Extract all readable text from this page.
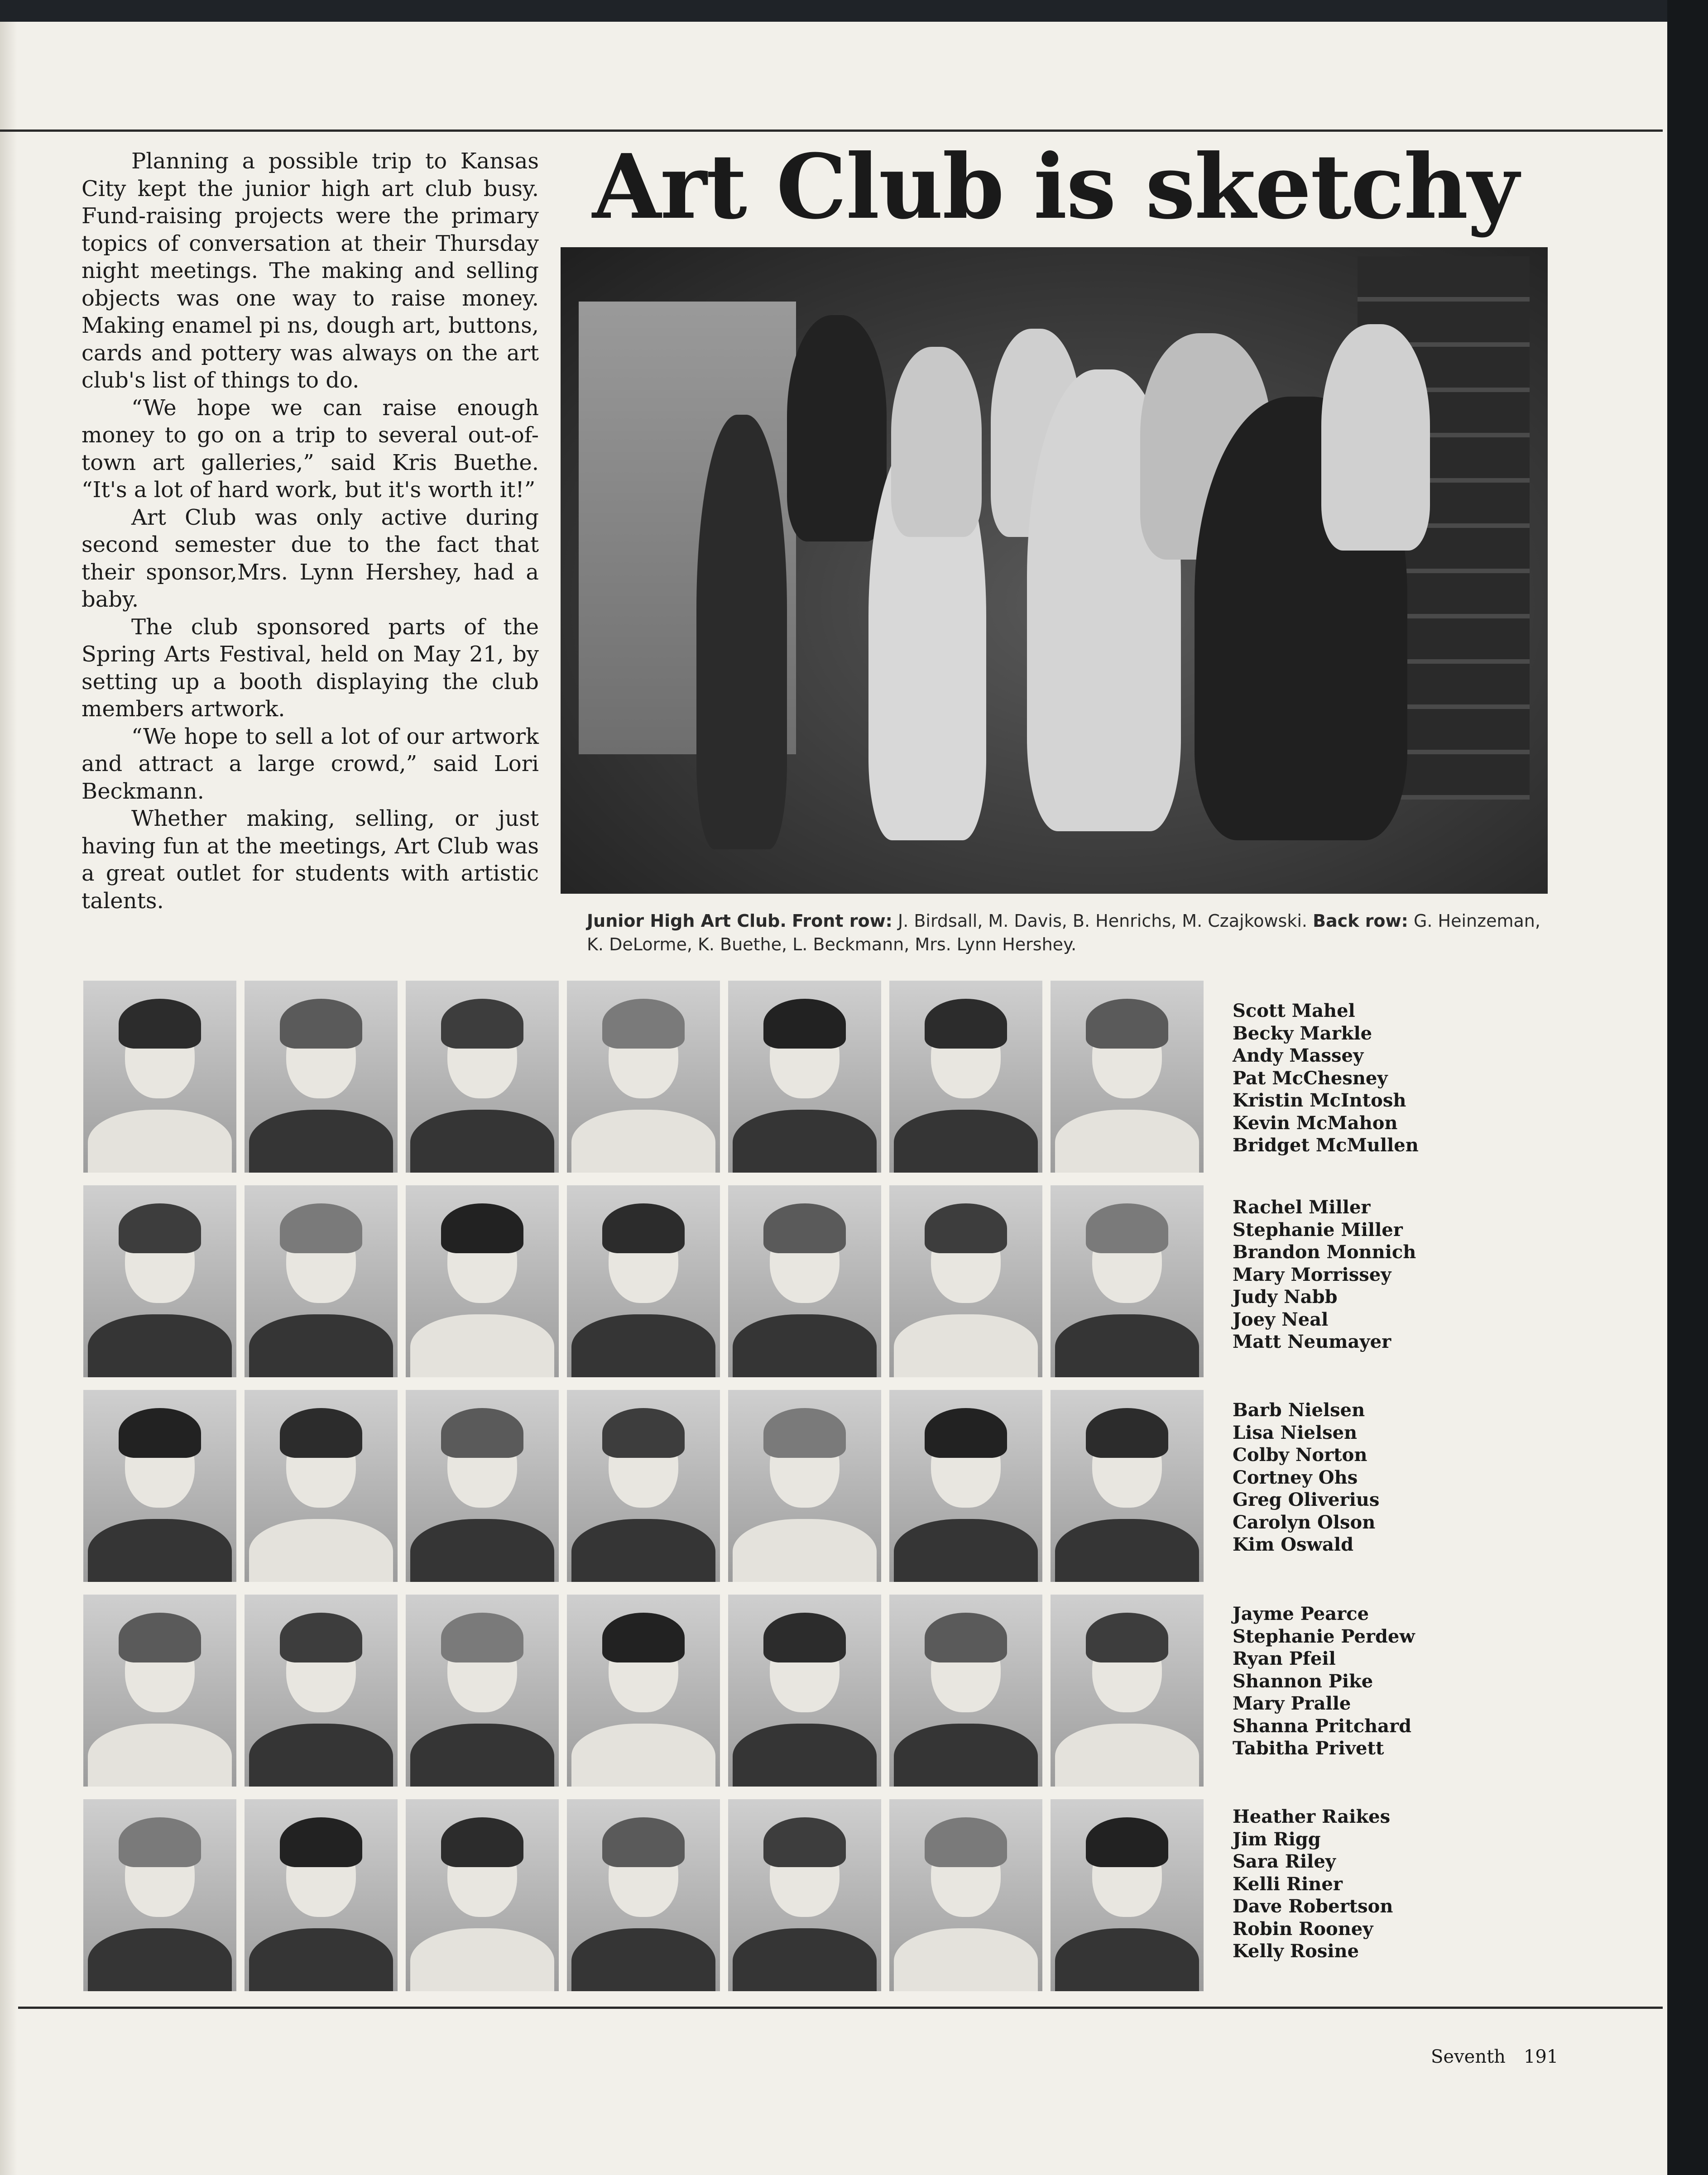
Art Club is sketchy

Planning a possible trip to Kansas City kept the junior high art club busy. Fund-raising projects were the primary topics of conversation at their Thursday night meetings. The making and selling objects was one way to raise money. Making enamel pi ns, dough art, buttons, cards and pottery was always on the art club's list of things to do.

“We hope we can raise enough money to go on a trip to several out-of-town art galleries,” said Kris Buethe. “It's a lot of hard work, but it's worth it!”

Art Club was only active during second semester due to the fact that their sponsor,Mrs. Lynn Hershey, had a baby.

The club sponsored parts of the Spring Arts Festival, held on May 21, by setting up a booth displaying the club members artwork.

“We hope to sell a lot of our artwork and attract a large crowd,” said Lori Beckmann.

Whether making, selling, or just having fun at the meetings, Art Club was a great outlet for students with artistic talents.

Junior High Art Club. Front row: J. Birdsall, M. Davis, B. Henrichs, M. Czajkowski. Back row: G. Heinzeman, K. DeLorme, K. Buethe, L. Beckmann, Mrs. Lynn Hershey.
Scott Mahel
Becky Markle
Andy Massey
Pat McChesney
Kristin McIntosh
Kevin McMahon
Bridget McMullen
Rachel Miller
Stephanie Miller
Brandon Monnich
Mary Morrissey
Judy Nabb
Joey Neal
Matt Neumayer
Barb Nielsen
Lisa Nielsen
Colby Norton
Cortney Ohs
Greg Oliverius
Carolyn Olson
Kim Oswald
Jayme Pearce
Stephanie Perdew
Ryan Pfeil
Shannon Pike
Mary Pralle
Shanna Pritchard
Tabitha Privett
Heather Raikes
Jim Rigg
Sara Riley
Kelli Riner
Dave Robertson
Robin Rooney
Kelly Rosine
Seventh 191
